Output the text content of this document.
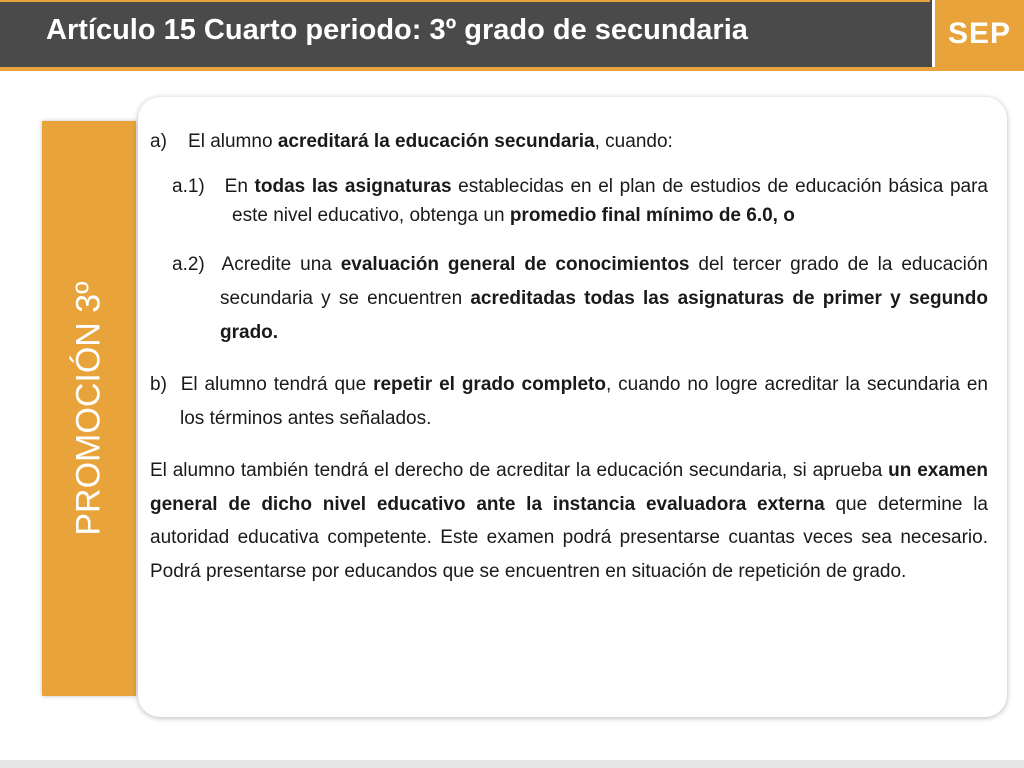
Artículo 15 Cuarto periodo: 3º grado de secundaria	SEP
PROMOCIÓN 3º
a) El alumno acreditará la educación secundaria, cuando:
a.1) En todas las asignaturas establecidas en el plan de estudios de educación básica para este nivel educativo, obtenga un promedio final mínimo de 6.0, o
a.2) Acredite una evaluación general de conocimientos del tercer grado de la educación secundaria y se encuentren acreditadas todas las asignaturas de primer y segundo grado.
b) El alumno tendrá que repetir el grado completo, cuando no logre acreditar la secundaria en los términos antes señalados.
El alumno también tendrá el derecho de acreditar la educación secundaria, si aprueba un examen general de dicho nivel educativo ante la instancia evaluadora externa que determine la autoridad educativa competente. Este examen podrá presentarse cuantas veces sea necesario. Podrá presentarse por educandos que se encuentren en situación de repetición de grado.
